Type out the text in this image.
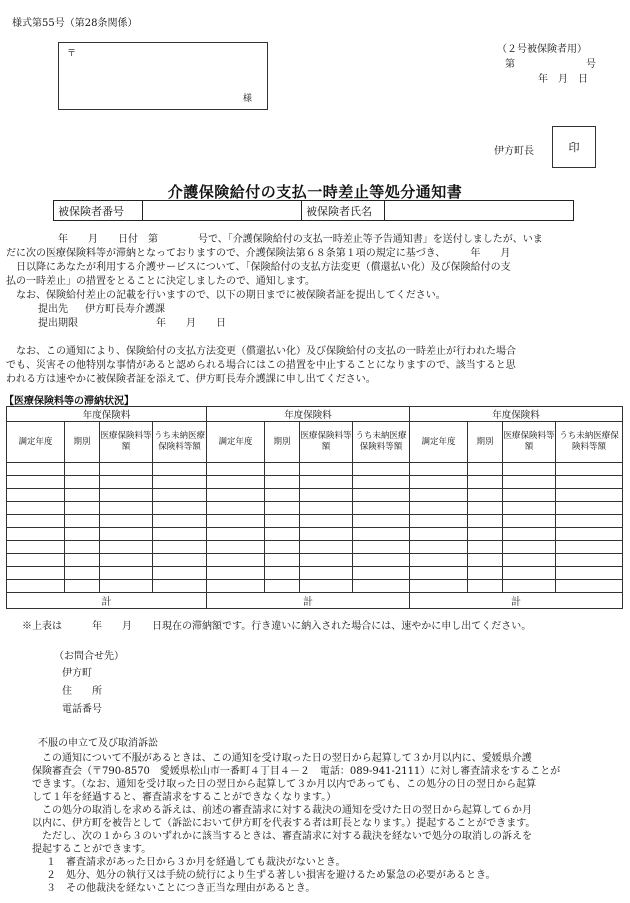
様式第55号（第28条関係）
〒
様
（２号被保険者用）
第	号
年　月　日
伊方町長	印
介護保険給付の支払一時差止等処分通知書
被保険者番号		被保険者氏名	
年　　月　　日付　第　　　　号で、「介護保険給付の支払一時差止等予告通知書」を送付しましたが、いま
だに次の医療保険料等が滞納となっておりますので、介護保険法第６８条第１項の規定に基づき、　　　年　　月
　日以降にあなたが利用する介護サービスについて、「保険給付の支払方法変更（償還払い化）及び保険給付の支
払の一時差止」の措置をとることに決定しましたので、通知します。
　なお、保険給付差止の記載を行いますので、以下の期日までに被保険者証を提出してください。
提出先 伊方町長寿介護課
提出期限	年　　月　　日
　なお、この通知により、保険給付の支払方法変更（償還払い化）及び保険給付の支払の一時差止が行われた場合
でも、災害その他特別な事情があると認められる場合にはこの措置を中止することになりますので、該当すると思
われる方は速やかに被保険者証を添えて、伊方町長寿介護課に申し出てください。
【医療保険料等の滞納状況】
年度保険料				年度保険料				年度保険料			
調定年度	期別	医療保険料等額	うち未納医療保険料等額	調定年度	期別	医療保険料等額	うち未納医療保険料等額	調定年度	期別	医療保険料等額	うち未納医療保険料等額

計				計				計			
※上表は　　　年　　月　　日現在の滞納額です。行き違いに納入された場合には、速やかに申し出てください。
（お問合せ先）
伊方町
住　　所
電話番号
不服の申立て及び取消訴訟
　この通知について不服があるときは、この通知を受け取った日の翌日から起算して３か月以内に、愛媛県介護
保険審査会（〒790-8570　愛媛県松山市一番町４丁目４－２　電話：089-941-2111）に対し審査請求をすることが
できます。（なお、通知を受け取った日の翌日から起算して３か月以内であっても、この処分の日の翌日から起算
して１年を経過すると、審査請求をすることができなくなります。）
　この処分の取消しを求める訴えは、前述の審査請求に対する裁決の通知を受けた日の翌日から起算して６か月
以内に、伊方町を被告として（訴訟において伊方町を代表する者は町長となります。）提起することができます。
　ただし、次の１から３のいずれかに該当するときは、審査請求に対する裁決を経ないで処分の取消しの訴えを
提起することができます。
１　審査請求があった日から３か月を経過しても裁決がないとき。
２　処分、処分の執行又は手続の続行により生ずる著しい損害を避けるため緊急の必要があるとき。
３　その他裁決を経ないことにつき正当な理由があるとき。
